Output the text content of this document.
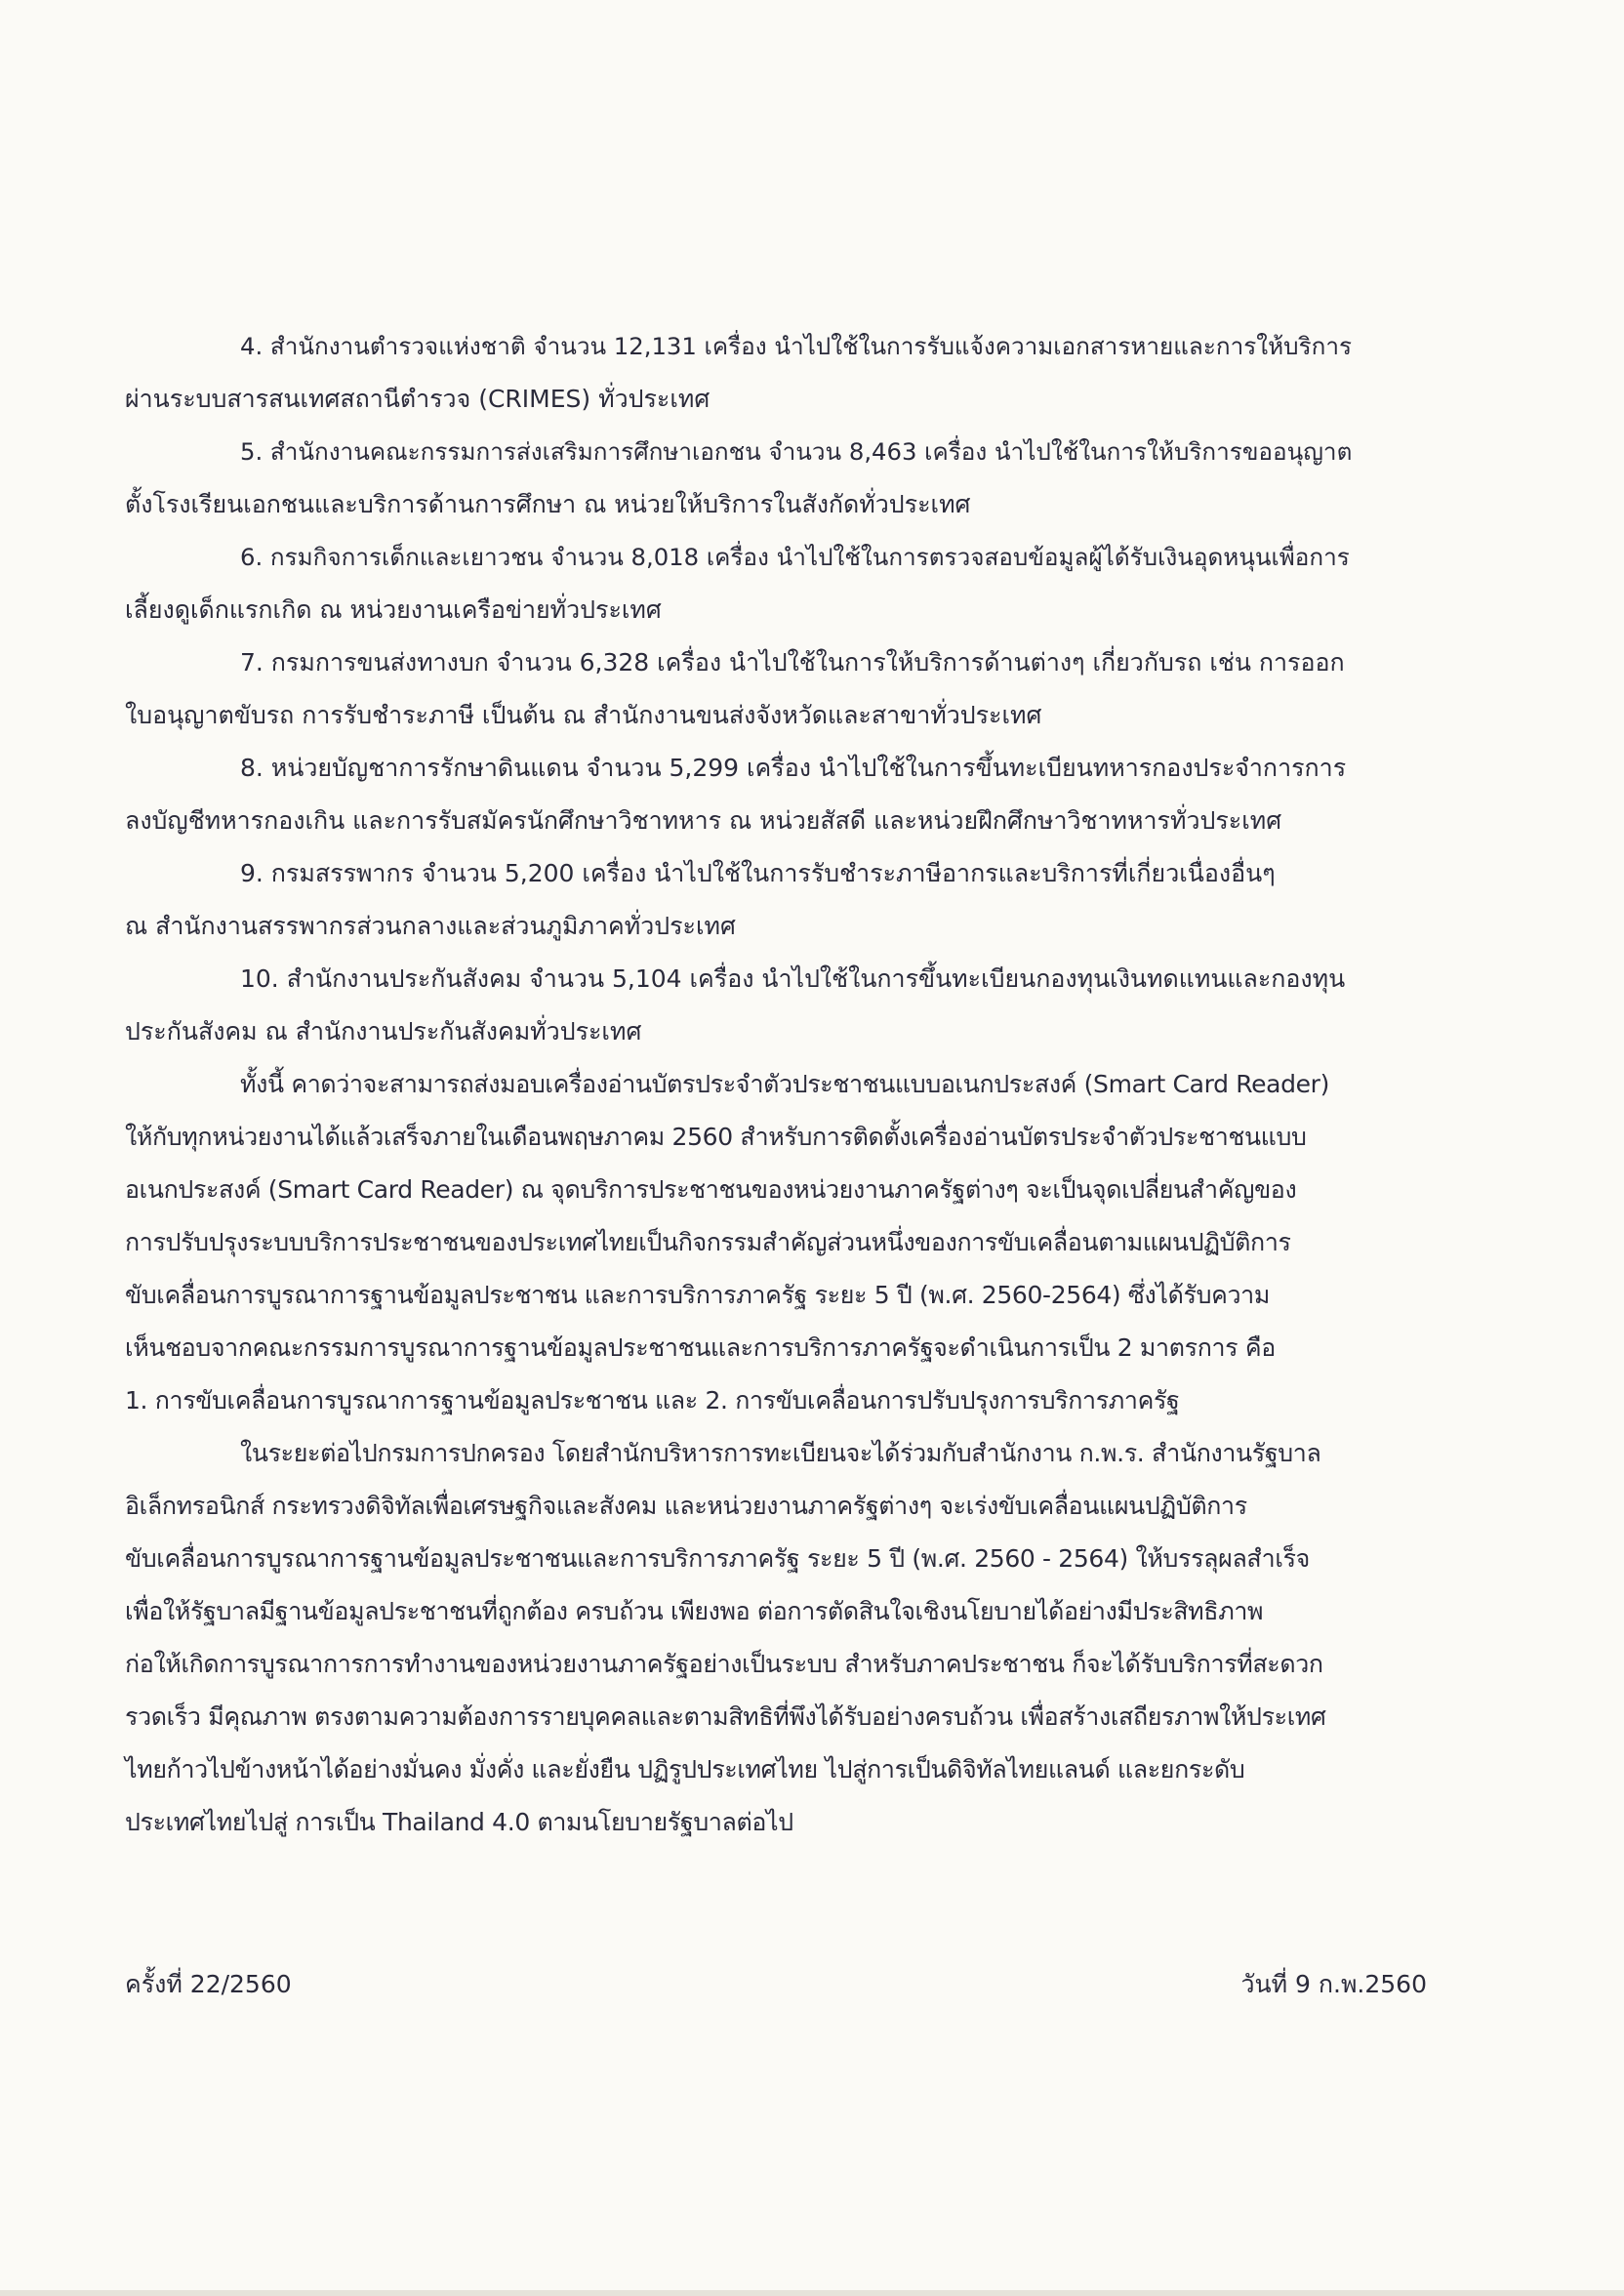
4. สำนักงานตำรวจแห่งชาติ จำนวน 12,131 เครื่อง นำไปใช้ในการรับแจ้งความเอกสารหายและการให้บริการ
ผ่านระบบสารสนเทศสถานีตำรวจ (CRIMES) ทั่วประเทศ
5. สำนักงานคณะกรรมการส่งเสริมการศึกษาเอกชน จำนวน 8,463 เครื่อง นำไปใช้ในการให้บริการขออนุญาต
ตั้งโรงเรียนเอกชนและบริการด้านการศึกษา ณ หน่วยให้บริการในสังกัดทั่วประเทศ
6. กรมกิจการเด็กและเยาวชน จำนวน 8,018 เครื่อง นำไปใช้ในการตรวจสอบข้อมูลผู้ได้รับเงินอุดหนุนเพื่อการ
เลี้ยงดูเด็กแรกเกิด ณ หน่วยงานเครือข่ายทั่วประเทศ
7. กรมการขนส่งทางบก จำนวน 6,328 เครื่อง นำไปใช้ในการให้บริการด้านต่างๆ เกี่ยวกับรถ เช่น การออก
ใบอนุญาตขับรถ การรับชำระภาษี เป็นต้น ณ สำนักงานขนส่งจังหวัดและสาขาทั่วประเทศ
8. หน่วยบัญชาการรักษาดินแดน จำนวน 5,299 เครื่อง นำไปใช้ในการขึ้นทะเบียนทหารกองประจำการการ
ลงบัญชีทหารกองเกิน และการรับสมัครนักศึกษาวิชาทหาร ณ หน่วยสัสดี และหน่วยฝึกศึกษาวิชาทหารทั่วประเทศ
9. กรมสรรพากร จำนวน 5,200 เครื่อง นำไปใช้ในการรับชำระภาษีอากรและบริการที่เกี่ยวเนื่องอื่นๆ
ณ สำนักงานสรรพากรส่วนกลางและส่วนภูมิภาคทั่วประเทศ
10. สำนักงานประกันสังคม จำนวน 5,104 เครื่อง นำไปใช้ในการขึ้นทะเบียนกองทุนเงินทดแทนและกองทุน
ประกันสังคม ณ สำนักงานประกันสังคมทั่วประเทศ
ทั้งนี้ คาดว่าจะสามารถส่งมอบเครื่องอ่านบัตรประจำตัวประชาชนแบบอเนกประสงค์ (Smart Card Reader)
ให้กับทุกหน่วยงานได้แล้วเสร็จภายในเดือนพฤษภาคม 2560 สำหรับการติดตั้งเครื่องอ่านบัตรประจำตัวประชาชนแบบ
อเนกประสงค์ (Smart Card Reader) ณ จุดบริการประชาชนของหน่วยงานภาครัฐต่างๆ จะเป็นจุดเปลี่ยนสำคัญของ
การปรับปรุงระบบบริการประชาชนของประเทศไทยเป็นกิจกรรมสำคัญส่วนหนึ่งของการขับเคลื่อนตามแผนปฏิบัติการ
ขับเคลื่อนการบูรณาการฐานข้อมูลประชาชน และการบริการภาครัฐ ระยะ 5 ปี (พ.ศ. 2560-2564) ซึ่งได้รับความ
เห็นชอบจากคณะกรรมการบูรณาการฐานข้อมูลประชาชนและการบริการภาครัฐจะดำเนินการเป็น 2 มาตรการ คือ
1. การขับเคลื่อนการบูรณาการฐานข้อมูลประชาชน และ 2. การขับเคลื่อนการปรับปรุงการบริการภาครัฐ
ในระยะต่อไปกรมการปกครอง โดยสำนักบริหารการทะเบียนจะได้ร่วมกับสำนักงาน ก.พ.ร. สำนักงานรัฐบาล
อิเล็กทรอนิกส์ กระทรวงดิจิทัลเพื่อเศรษฐกิจและสังคม และหน่วยงานภาครัฐต่างๆ จะเร่งขับเคลื่อนแผนปฏิบัติการ
ขับเคลื่อนการบูรณาการฐานข้อมูลประชาชนและการบริการภาครัฐ ระยะ 5 ปี (พ.ศ. 2560 - 2564) ให้บรรลุผลสำเร็จ
เพื่อให้รัฐบาลมีฐานข้อมูลประชาชนที่ถูกต้อง ครบถ้วน เพียงพอ ต่อการตัดสินใจเชิงนโยบายได้อย่างมีประสิทธิภาพ
ก่อให้เกิดการบูรณาการการทำงานของหน่วยงานภาครัฐอย่างเป็นระบบ สำหรับภาคประชาชน ก็จะได้รับบริการที่สะดวก
รวดเร็ว มีคุณภาพ ตรงตามความต้องการรายบุคคลและตามสิทธิที่พึงได้รับอย่างครบถ้วน เพื่อสร้างเสถียรภาพให้ประเทศ
ไทยก้าวไปข้างหน้าได้อย่างมั่นคง มั่งคั่ง และยั่งยืน ปฏิรูปประเทศไทย ไปสู่การเป็นดิจิทัลไทยแลนด์ และยกระดับ
ประเทศไทยไปสู่ การเป็น Thailand 4.0 ตามนโยบายรัฐบาลต่อไป
ครั้งที่ 22/2560	วันที่ 9 ก.พ.2560
